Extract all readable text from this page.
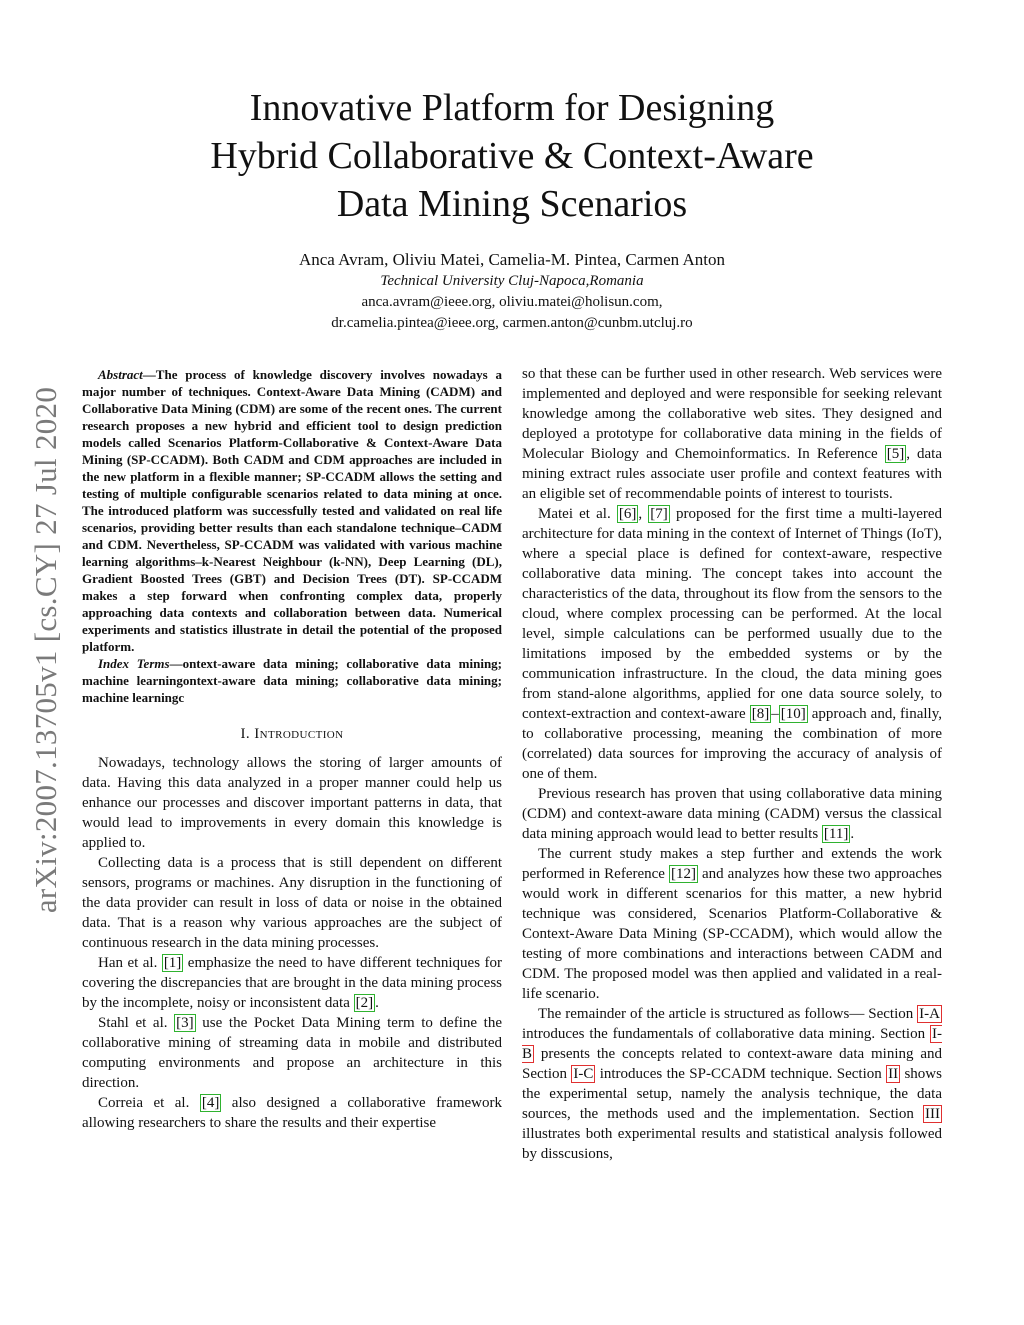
arXiv:2007.13705v1 [cs.CY] 27 Jul 2020
Innovative Platform for Designing
Hybrid Collaborative & Context-Aware
Data Mining Scenarios
Anca Avram, Oliviu Matei, Camelia-M. Pintea, Carmen Anton
Technical University Cluj-Napoca,Romania
anca.avram@ieee.org, oliviu.matei@holisun.com,
dr.camelia.pintea@ieee.org, carmen.anton@cunbm.utcluj.ro

Abstract—The process of knowledge discovery involves nowadays a major number of techniques. Context-Aware Data Mining (CADM) and Collaborative Data Mining (CDM) are some of the recent ones. The current research proposes a new hybrid and efficient tool to design prediction models called Scenarios Platform-Collaborative & Context-Aware Data Mining (SP-CCADM). Both CADM and CDM approaches are included in the new platform in a flexible manner; SP-CCADM allows the setting and testing of multiple configurable scenarios related to data mining at once. The introduced platform was successfully tested and validated on real life scenarios, providing better results than each standalone technique–CADM and CDM. Nevertheless, SP-CCADM was validated with various machine learning algorithms–k-Nearest Neighbour (k-NN), Deep Learning (DL), Gradient Boosted Trees (GBT) and Decision Trees (DT). SP-CCADM makes a step forward when confronting complex data, properly approaching data contexts and collaboration between data. Numerical experiments and statistics illustrate in detail the potential of the proposed platform.

Index Terms—ontext-aware data mining; collaborative data mining; machine learningontext-aware data mining; collaborative data mining; machine learningc

I. Introduction

Nowadays, technology allows the storing of larger amounts of data. Having this data analyzed in a proper manner could help us enhance our processes and discover important patterns in data, that would lead to improvements in every domain this knowledge is applied to.

Collecting data is a process that is still dependent on different sensors, programs or machines. Any disruption in the functioning of the data provider can result in loss of data or noise in the obtained data. That is a reason why various approaches are the subject of continuous research in the data mining processes.

Han et al. [1] emphasize the need to have different techniques for covering the discrepancies that are brought in the data mining process by the incomplete, noisy or inconsistent data [2] .

Stahl et al. [3] use the Pocket Data Mining term to define the collaborative mining of streaming data in mobile and distributed computing environments and propose an architecture in this direction.

Correia et al. [4] also designed a collaborative framework allowing researchers to share the results and their expertise

so that these can be further used in other research. Web services were implemented and deployed and were responsible for seeking relevant knowledge among the collaborative web sites. They designed and deployed a prototype for collaborative data mining in the fields of Molecular Biology and Chemoinformatics. In Reference [5] , data mining extract rules associate user profile and context features with an eligible set of recommendable points of interest to tourists.

Matei et al. [6] , [7] proposed for the first time a multi-layered architecture for data mining in the context of Internet of Things (IoT), where a special place is defined for context-aware, respective collaborative data mining. The concept takes into account the characteristics of the data, throughout its flow from the sensors to the cloud, where complex processing can be performed. At the local level, simple calculations can be performed usually due to the limitations imposed by the embedded systems or by the communication infrastructure. In the cloud, the data mining goes from stand-alone algorithms, applied for one data source solely, to context-extraction and context-aware [8] – [10] approach and, finally, to collaborative processing, meaning the combination of more (correlated) data sources for improving the accuracy of analysis of one of them.

Previous research has proven that using collaborative data mining (CDM) and context-aware data mining (CADM) versus the classical data mining approach would lead to better results [11] .

The current study makes a step further and extends the work performed in Reference [12] and analyzes how these two approaches would work in different scenarios for this matter, a new hybrid technique was considered, Scenarios Platform-Collaborative & Context-Aware Data Mining (SP-CCADM), which would allow the testing of more combinations and interactions between CADM and CDM. The proposed model was then applied and validated in a real-life scenario.

The remainder of the article is structured as follows— Section I-A introduces the fundamentals of collaborative data mining. Section I-B presents the concepts related to context-aware data mining and Section I-C introduces the SP-CCADM technique. Section II shows the experimental setup, namely the analysis technique, the data sources, the methods used and the implementation. Section III illustrates both experimental results and statistical analysis followed by disscusions,
